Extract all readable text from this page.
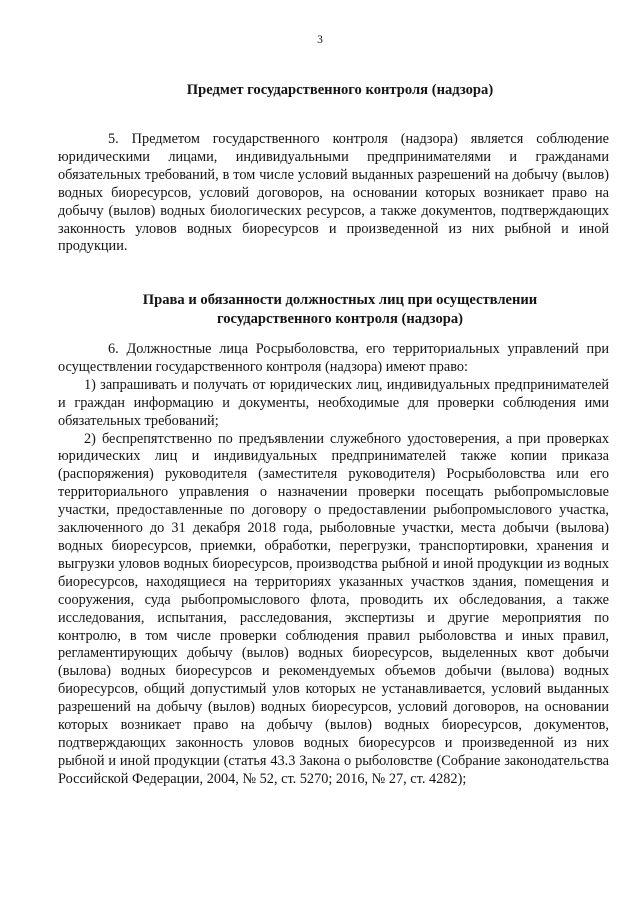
3
Предмет государственного контроля (надзора)

5. Предметом государственного контроля (надзора) является соблюдение юридическими лицами, индивидуальными предпринимателями и гражданами обязательных требований, в том числе условий выданных разрешений на добычу (вылов) водных биоресурсов, условий договоров, на основании которых возникает право на добычу (вылов) водных биологических ресурсов, а также документов, подтверждающих законность уловов водных биоресурсов и произведенной из них рыбной и иной продукции.

Права и обязанности должностных лиц при осуществлении
государственного контроля (надзора)

6. Должностные лица Росрыболовства, его территориальных управлений при осуществлении государственного контроля (надзора) имеют право:

1) запрашивать и получать от юридических лиц, индивидуальных предпринимателей и граждан информацию и документы, необходимые для проверки соблюдения ими обязательных требований;

2) беспрепятственно по предъявлении служебного удостоверения, а при проверках юридических лиц и индивидуальных предпринимателей также копии приказа (распоряжения) руководителя (заместителя руководителя) Росрыболовства или его территориального управления о назначении проверки посещать рыбопромысловые участки, предоставленные по договору о предоставлении рыбопромыслового участка, заключенного до 31 декабря 2018 года, рыболовные участки, места добычи (вылова) водных биоресурсов, приемки, обработки, перегрузки, транспортировки, хранения и выгрузки уловов водных биоресурсов, производства рыбной и иной продукции из водных биоресурсов, находящиеся на территориях указанных участков здания, помещения и сооружения, суда рыбопромыслового флота, проводить их обследования, а также исследования, испытания, расследования, экспертизы и другие мероприятия по контролю, в том числе проверки соблюдения правил рыболовства и иных правил, регламентирующих добычу (вылов) водных биоресурсов, выделенных квот добычи (вылова) водных биоресурсов и рекомендуемых объемов добычи (вылова) водных биоресурсов, общий допустимый улов которых не устанавливается, условий выданных разрешений на добычу (вылов) водных биоресурсов, условий договоров, на основании которых возникает право на добычу (вылов) водных биоресурсов, документов, подтверждающих законность уловов водных биоресурсов и произведенной из них рыбной и иной продукции (статья 43.3 Закона о рыболовстве (Собрание законодательства Российской Федерации, 2004, № 52, ст. 5270; 2016, № 27, ст. 4282);
